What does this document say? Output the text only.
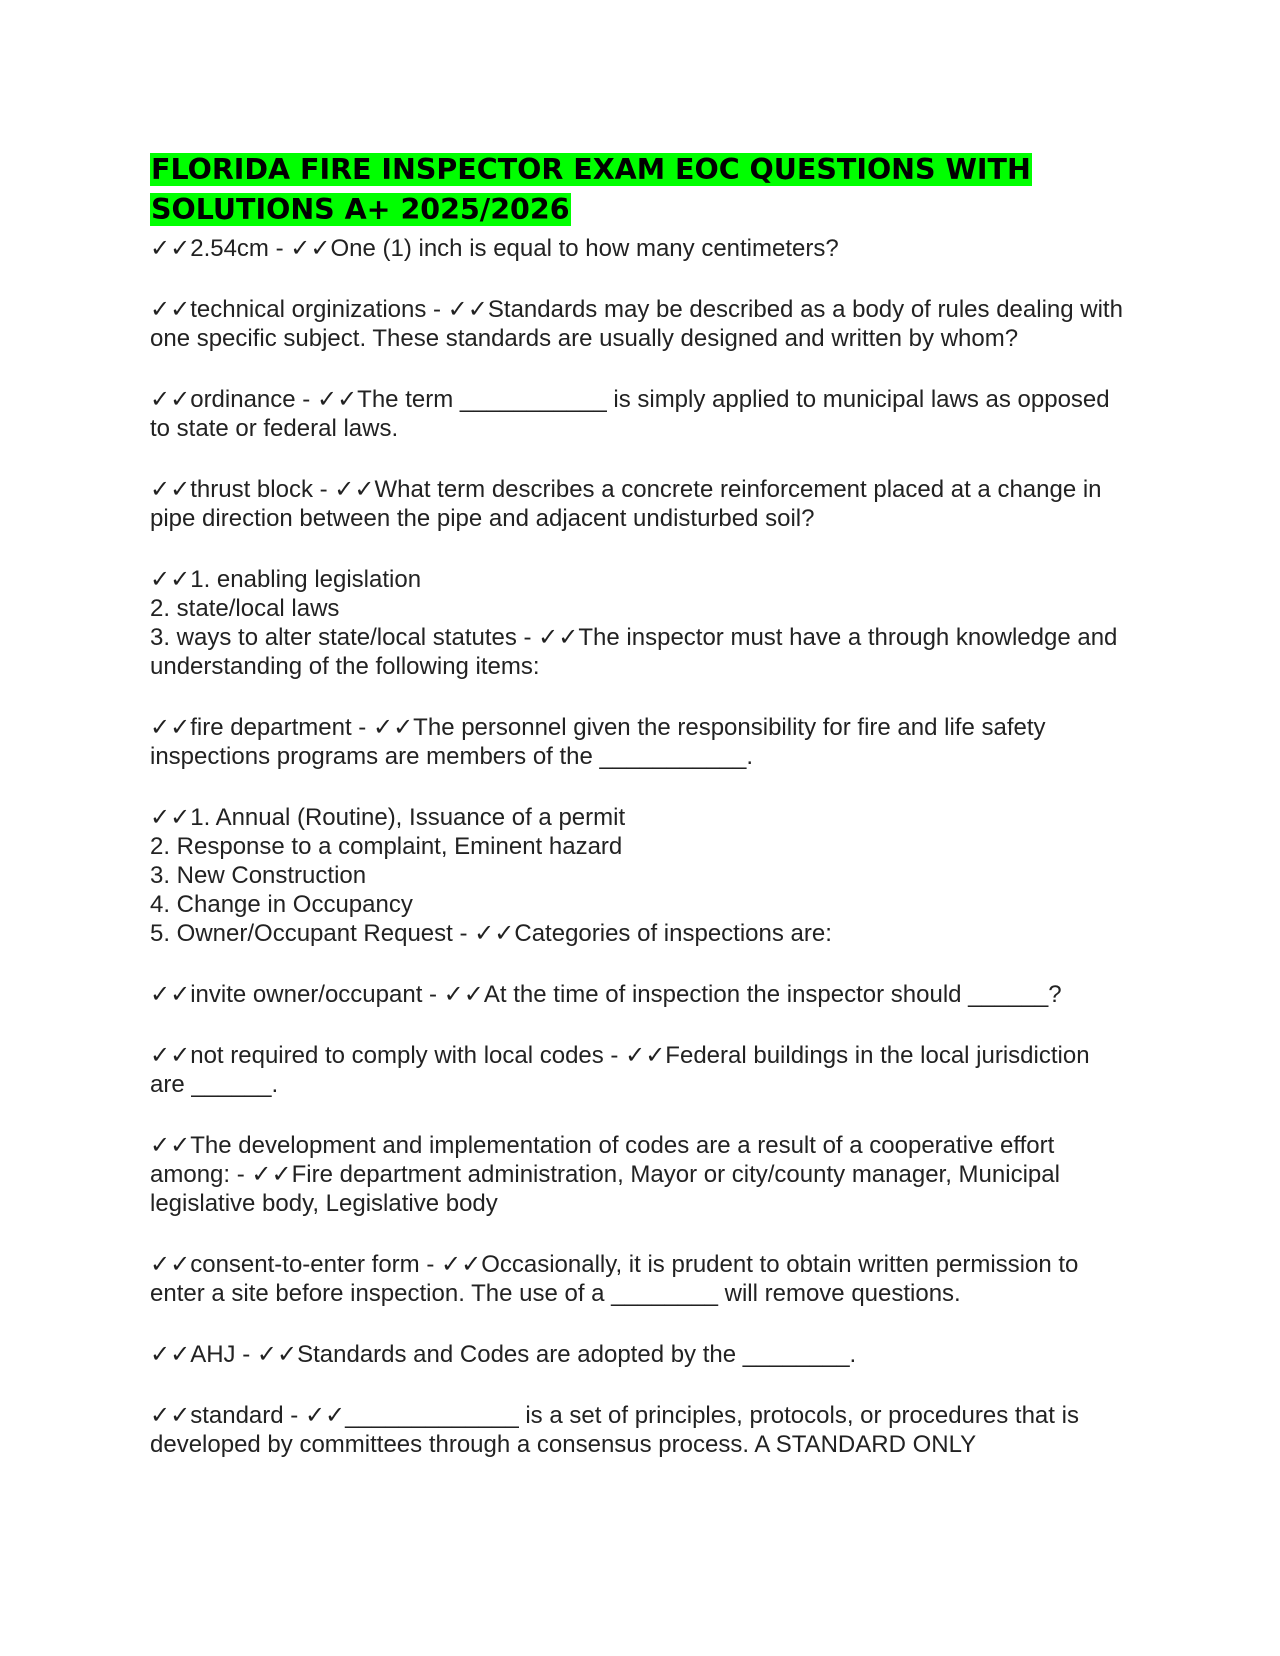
FLORIDA FIRE INSPECTOR EXAM EOC QUESTIONS WITH SOLUTIONS A+ 2025/2026
✓✓2.54cm - ✓✓One (1) inch is equal to how many centimeters?
✓✓technical orginizations - ✓✓Standards may be described as a body of rules dealing with one specific subject. These standards are usually designed and written by whom?
✓✓ordinance - ✓✓The term ___________ is simply applied to municipal laws as opposed to state or federal laws.
✓✓thrust block - ✓✓What term describes a concrete reinforcement placed at a change in pipe direction between the pipe and adjacent undisturbed soil?
✓✓1. enabling legislation
2. state/local laws
3. ways to alter state/local statutes - ✓✓The inspector must have a through knowledge and understanding of the following items:
✓✓fire department - ✓✓The personnel given the responsibility for fire and life safety inspections programs are members of the ___________.
✓✓1. Annual (Routine), Issuance of a permit
2. Response to a complaint, Eminent hazard
3. New Construction
4. Change in Occupancy
5. Owner/Occupant Request - ✓✓Categories of inspections are:
✓✓invite owner/occupant - ✓✓At the time of inspection the inspector should ______?
✓✓not required to comply with local codes - ✓✓Federal buildings in the local jurisdiction are ______.
✓✓The development and implementation of codes are a result of a cooperative effort among: - ✓✓Fire department administration, Mayor or city/county manager, Municipal legislative body, Legislative body
✓✓consent-to-enter form - ✓✓Occasionally, it is prudent to obtain written permission to enter a site before inspection. The use of a ________ will remove questions.
✓✓AHJ - ✓✓Standards and Codes are adopted by the ________.
✓✓standard - ✓✓_____________ is a set of principles, protocols, or procedures that is developed by committees through a consensus process. A STANDARD ONLY
